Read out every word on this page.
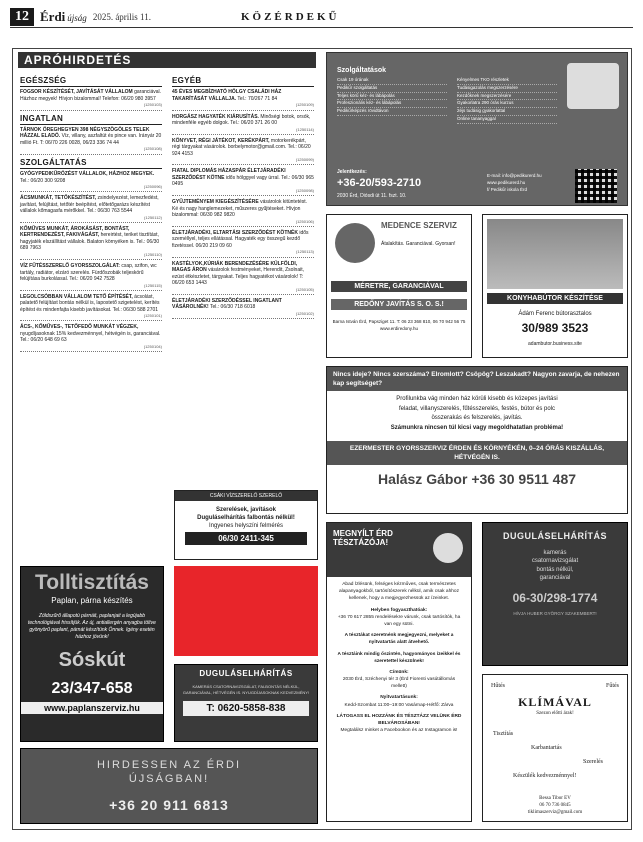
12 Érdi újság 2025. április 11.	KÖZÉRDEKŰ
APRÓHIRDETÉS
EGÉSZSÉG
FOGSOR KÉSZÍTÉSÉT, JAVÍTÁSÁT VÁLLALOM garanciával. Házhoz megyek! Hívjon bizalommal! Telefon: 06/20 980 3957
(1250103)
INGATLAN
TÁRNOK ÖREGHEGYEN 398 NÉGYSZÖGÖLES TELEK HÁZZAL ELADÓ. Víz, villany, aszfaltút és pince van. Irányár 20 millió Ft. T: 06/70 226 0028, 06/23 336 74 44
(1250108)
SZOLGÁLTATÁS
GYÓGYPEDIKŰRÖZÉST VÁLLALOK, HÁZHOZ MEGYEK. Tel.: 06/20 300 9208
(1250096)
ÁCSMUNKÁT, TETŐKÉSZÍTÉST, zsindelyezést, lemezfedést, javítást, felújítást, tetőtér beépítést, előtetőgarázs készítést vállalok kőmagasfa mérőkkel. Tel.: 06/30 763 5544
(1250112)
KŐMŰVES MUNKÁT, ÁROKÁSÁST, BONTÁST, KERTRENDEZÉST, FAKIVÁGÁST, hereirtést, teriket tisztítást, hagyjaték elszállítást vállalok. Balaton környéken is. Tel.: 06/30 689 7963
(1250110)
VÍZ FŰTÉSSZERELŐ GYORSSZOLGÁLAT: csap, szifon, wc tartály, radiátor, elzáró szerelés. Fürdőszobák teljeskörű felújítása burkolással. Tel.: 06/20 942 7528
(1250115)
LEGOLCSÓBBAN VÁLLALOM TETŐ ÉPÍTÉSÉT, ácsolást, palatető felújítást bontás nélkül is, lapostető szigetelést, kerítés építést és mindenfajta kisebb javításokat. Tel.: 06/30 588 2701
(1250101)
ÁCS-, KŐMŰVES-, TETŐFEDŐ MUNKÁT VÉGZEK, nyugdíjasoknak 15% kedvezménnyel, hétvégén is, garanciával. Tel.: 06/20 648 69 63
(1250104)
EGYÉB
45 ÉVES MEGBÍZHATÓ HÖLGY CSALÁDI HÁZ TAKARÍTÁSÁT VÁLLALJA. Tel.: 70/267 71 84
(1250109)
HORGÁSZ HAGYATÉK KIÁRUSÍTÁS. Minőségi botok, orsók, mindenféle egyéb dolgok. Tel.: 06/20 371 26 00
(1250114)
KÖNYVET, RÉGI JÁTÉKOT, KERÉKPÁRT, motorkerékpárt, régi tárgyakat vásárolok. borbelymotor@gmail.com. Tel.: 06/20 924 4153
(1250099)
FIATAL DIPLOMÁS HÁZASPÁR ÉLETJÁRADÉKI SZERZŐDÉST KÖTNE idős hölggyel vagy úrral. Tel.: 06/30 965 0495
(1250098)
GYŰJTEMÉNYEM KIEGÉSZÍTÉSÉRE vásárolok kitüntetést. Ké és nagy hanglemezeket, műszeres gyűjtéseket. Hívjon bizalommal: 06/30 982 9820
(1250106)
ÉLETJÁRADÉKI, ELTARTÁSI SZERZŐDÉST KÖTNÉK idős személlyel, teljes ellátással. Hagyaték egy összegű kezdő fizetéssel. 06/20 219 09 60
(1250113)
KASTÉLYOK,KÚRIÁK BERENDEZÉSÉRE KÜLFÖLDI, MAGAS ÁRON vásárolok festményeket, Herendit, Zsolnait, ezüst étkészletet, tárgyakat. Teljes hagyatékot vásárolok! T: 06/20 653 1443
(1250105)
ÉLETJÁRADÉKI SZERZŐDÉSSEL INGATLANT VÁSÁROLNÉK! Tel.: 06/30 718 6018
(1250102)
CSÁKI VÍZSZERELŐ SZERELŐ
Szerelések, javítások
Duguláselhárítás falbontás nélkül!
Ingyenes helyszíni felmérés
06/30 2411-345
Tolltisztítás
Paplan, párna készítés
Zöldszűrő állapotú párnáit, paplanjait a legújabb technológiával frissítjük. Az új, antiallergén anyagba töltve gyönyörű paplant, párnát készítünk Önnek. Igény esetén házhoz jövünk!
Sóskút
23/347-658
www.paplanszerviz.hu
DUGULÁSELHÁRÍTÁS
KAMERÁS CSATORNAVIZSGÁLAT, FALBONTÁS NÉLKÜL, GARANCIÁVAL, HÉTVÉGÉN IS. NYUGDÍJASOKNAK KEDVEZMÉNY!
T: 0620-5858-838
HIRDESSEN AZ ÉRDI
ÚJSÁGBAN!
+36 20 911 6813
Szolgáltatások
Csak 19 órának
Pedikűr szolgáltatás
Teljes körű kéz- és lábápolás
Profeszionális kéz- és lábápolás
Pedikűrképzés rövidtávon
Kényelmes TKO részletek
Tudásigazolás megszerzésére
Kezdőknek megszerzésére
Gyakorlatra 290 órás kurzus
2éjs tudásig gyakorlattal
Online tananyaggal
Jelentkezés:
+36-20/593-2710
2030 Érd, Diósdi út 11. fszt. 10.
E-mail: info@pedikurerd.hu
www.pedikurerd.hu
f/ Pedikűr iskola Érd
MEDENCE SZERVIZ
Átalakítás. Garanciával. Gyorsan!
MÉRETRE, GARANCIÁVAL
REDŐNY JAVÍTÁS S. O. S.!
Barna István Érd, Papsziget 11. T: 06 23 368 810, 06 70 942 56 75 www.erdiredony.hu
KONYHABÚTOR KÉSZÍTÉSE
Ádám Ferenc bútorasztalos
30/989 3523
adambutor.business.site
Nincs ideje? Nincs szerszáma? Elromlott? Csöpög? Leszakadt? Nagyon zavarja, de nehezen kap segítséget?
Profilunkba vág minden ház körüli kisebb és közepes javítási
feladat, villanyszerelés, fűtésszerelés, festés, bútor és polc
összerakás és felszerelés, javítás.
Számunkra nincsen túl kicsi vagy megoldhatatlan probléma!
EZERMESTER GYORSSZERVIZ ÉRDEN ÉS KÖRNYÉKÉN, 0–24 ÓRÁS KISZÁLLÁS, HÉTVÉGÉN IS.
Halász Gábor +36 30 9511 487
MEGNYÍLT ÉRD TÉSZTÁZÓJA!
Abad Ízlésünk, felséges kézműves, csak természetes alapanyagokból, tartósítószerek nélkül, amik csak ahhoz kellenek, hogy a megjegyezhessük az ízeinket.
Helyben fogyaszthatóak:
+36 70 617 2855 rendelésekre várunk, csak tartósítók, ha van egy sütni.
A tésztákat szeretnénk megjegyezni, melyeket a nyitvatartás alatt átvehető.
A tésztáink mindig őszintén, hagyományos ízeikkel és szeretettel készülnek!
Címünk:
2030 Érd, Széchenyi tér 3 (Érd Fiorenti vasútállomás mellett)
Nyitvatartásunk:
Kedd-Szombat 11:00–19:00 Vasárnap-Hétfő: Zárva
LÁTOGASS EL HOZZÁNK ÉS TÉSZTÁZZ VELÜNK ÉRD BELVÁROSÁBAN!
Megtalálsz minket a Facebookon és az Instagramon is!
DUGULÁSELHÁRÍTÁS
kamerás
csatornavizsgálat
bontás nélkül,
garanciával
06-30/298-1774
HÍVJA HUBER GYÖRGY SZAKEMBERT!
Hűtés	Fűtés
KLÍMÁVAL
Szezon előtti árak!
Tisztítás
Karbantartás
Szerelés
Készülék kedvezménnyel!
Bessa Tibor EV
06 70 736 0845
tiklimaszerviz@gmail.com
